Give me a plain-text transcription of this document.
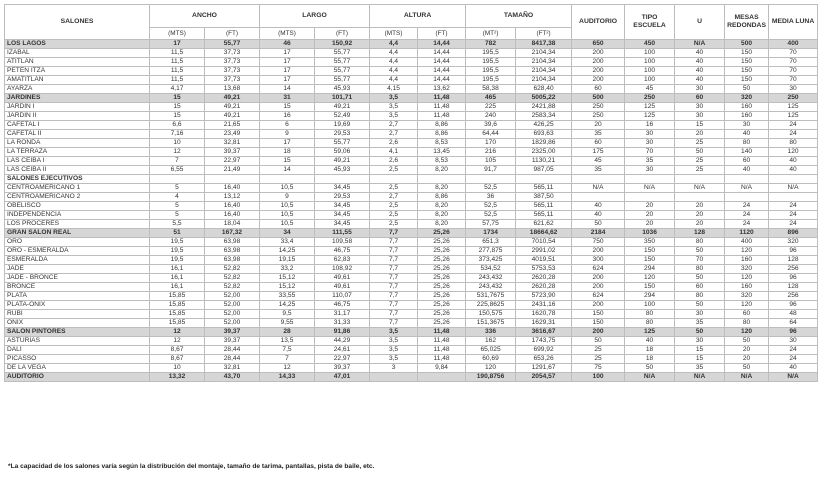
SALONES	ANCHO		LARGO		ALTURA		TAMAÑO		AUDITORIO	TIPO ESCUELA	U	MESAS REDONDAS	MEDIA LUNA
	(MTS)	(FT)	(MTS)	(FT)	(MTS)	(FT)	(MT²)	(FT²)					
LOS LAGOS	17	55,77	46	150,92	4,4	14,44	782	8417,38	650	450	N/A	500	400
IZABAL	11,5	37,73	17	55,77	4,4	14,44	195,5	2104,34	200	100	40	150	70
ATITLÁN	11,5	37,73	17	55,77	4,4	14,44	195,5	2104,34	200	100	40	150	70
PETÉN ITZÁ	11,5	37,73	17	55,77	4,4	14,44	195,5	2104,34	200	100	40	150	70
AMATITLÁN	11,5	37,73	17	55,77	4,4	14,44	195,5	2104,34	200	100	40	150	70
AYARZA	4,17	13,68	14	45,93	4,15	13,62	58,38	628,40	60	45	30	50	30
JARDINES	15	49,21	31	101,71	3,5	11,48	465	5005,22	500	250	60	320	250
JARDIN I	15	49,21	15	49,21	3,5	11,48	225	2421,88	250	125	30	160	125
JARDIN II	15	49,21	16	52,49	3,5	11,48	240	2583,34	250	125	30	160	125
CAFETAL I	6,6	21,65	6	19,69	2,7	8,86	39,6	426,25	20	16	15	30	24
CAFETAL II	7,16	23,49	9	29,53	2,7	8,86	64,44	693,63	35	30	20	40	24
LA RONDA	10	32,81	17	55,77	2,6	8,53	170	1829,86	60	30	25	80	80
LA TERRAZA	12	39,37	18	59,06	4,1	13,45	216	2325,00	175	70	50	140	120
LAS CEIBA I	7	22,97	15	49,21	2,6	8,53	105	1130,21	45	35	25	60	40
LAS CEIBA II	6,55	21,49	14	45,93	2,5	8,20	91,7	987,05	35	30	25	40	40
SALONES EJECUTIVOS													
CENTROAMERICANO 1	5	16,40	10,5	34,45	2,5	8,20	52,5	565,11	N/A	N/A	N/A	N/A	N/A
CENTROAMERICANO 2	4	13,12	9	29,53	2,7	8,86	36	387,50					
OBELISCO	5	16,40	10,5	34,45	2,5	8,20	52,5	565,11	40	20	20	24	24
INDEPENDENCIA	5	16,40	10,5	34,45	2,5	8,20	52,5	565,11	40	20	20	24	24
LOS PRÓCERES	5,5	18,04	10,5	34,45	2,5	8,20	57,75	621,62	50	20	20	24	24
GRAN SALÓN REAL	51	167,32	34	111,55	7,7	25,26	1734	18664,62	2184	1036	128	1120	896
ORO	19,5	63,98	33,4	109,58	7,7	25,26	651,3	7010,54	750	350	80	400	320
ORO - ESMERALDA	19,5	63,98	14,25	46,75	7,7	25,26	277,875	2991,02	200	150	50	120	96
ESMERALDA	19,5	63,98	19,15	62,83	7,7	25,26	373,425	4019,51	300	150	70	160	128
JADE	16,1	52,82	33,2	108,92	7,7	25,26	534,52	5753,53	624	294	80	320	256
JADE - BRONCE	16,1	52,82	15,12	49,61	7,7	25,26	243,432	2620,28	200	120	50	120	96
BRONCE	16,1	52,82	15,12	49,61	7,7	25,26	243,432	2620,28	200	150	60	160	128
PLATA	15,85	52,00	33,55	110,07	7,7	25,26	531,7675	5723,90	624	294	80	320	256
PLATA-ONIX	15,85	52,00	14,25	46,75	7,7	25,26	225,8625	2431,16	200	100	50	120	96
RUBI	15,85	52,00	9,5	31,17	7,7	25,26	150,575	1620,78	150	80	30	60	48
ONIX	15,85	52,00	9,55	31,33	7,7	25,26	151,3675	1629,31	150	80	35	80	64
SALÓN PINTORES	12	39,37	28	91,86	3,5	11,48	336	3616,67	200	125	50	120	96
ASTURIAS	12	39,37	13,5	44,29	3,5	11,48	162	1743,75	50	40	30	50	30
DALÍ	8,67	28,44	7,5	24,61	3,5	11,48	65,025	699,92	25	18	15	20	24
PICASSO	8,67	28,44	7	22,97	3,5	11,48	60,69	653,26	25	18	15	20	24
DE LA VEGA	10	32,81	12	39,37	3	9,84	120	1291,67	75	50	35	50	40
AUDITORIO	13,32	43,70	14,33	47,01			190,8756	2054,57	100	N/A	N/A	N/A	N/A
*La capacidad de los salones varía según la distribución del montaje, tamaño de tarima, pantallas, pista de baile, etc.
